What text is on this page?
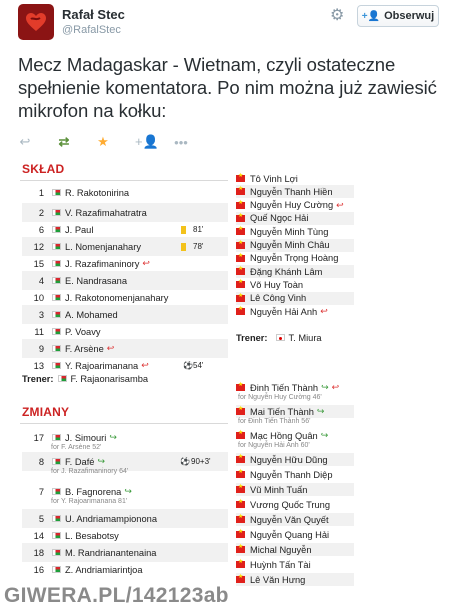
Rafał Stec
@RafalStec
⚙ +👤 Obserwuj
Mecz Madagaskar - Wietnam, czyli ostateczne spełnienie komentatora. Po nim można już zawiesić mikrofon na kołku:
↩ ⇄ ★ +👤 •••
SKŁAD
1 R. Rakotonirina
2 V. Razafimahatratra
6 J. Paul	81'
12 L. Nomenjanahary	78'
15 J. Razafimaninory ↩
4 E. Nandrasana
10 J. Rakotonomenjanahary
3 A. Mohamed
11 P. Voavy
9 F. Arsène ↩
13 Y. Rajoarimanana ↩	⚽ 54'
Trener: F. Rajaonarisamba
★
Tô Vinh Lợi
★
Nguyễn Thanh Hiền
★
Nguyễn Huy Cường ↩
★
Quế Ngọc Hải
★
Nguyễn Minh Tùng
★
Nguyễn Minh Châu
★
Nguyễn Trọng Hoàng
★
Đặng Khánh Lâm
★
Võ Huy Toàn
★
Lê Công Vinh
★
Nguyễn Hải Anh ↩
Trener: T. Miura
ZMIANY
17 J. Simouri ↪
for F. Arsène 52'
8 F. Dafé ↪
for J. Razafimaninory 64'
⚽ 90+3'
7 B. Fagnorena ↪
for Y. Rajoarimanana 81'
5 U. Andriamampionona
14 L. Besabotsy
18 M. Randrianantenaina
16 Z. Andriamiarintjoa
★
Đinh Tiến Thành ↪ ↩
for Nguyễn Huy Cường 46'
★
Mai Tiến Thành ↪
for Đinh Tiến Thành 56'
★
Mạc Hồng Quân ↪
for Nguyễn Hải Anh 60'
★
Nguyễn Hữu Dũng
★
Nguyễn Thanh Diệp
★
Vũ Minh Tuấn
★
Vương Quốc Trung
★
Nguyễn Văn Quyết
★
Nguyễn Quang Hải
★
Michal Nguyễn
★
Huỳnh Tấn Tài
★
Lê Văn Hưng
GIWERA.PL/142123ab
